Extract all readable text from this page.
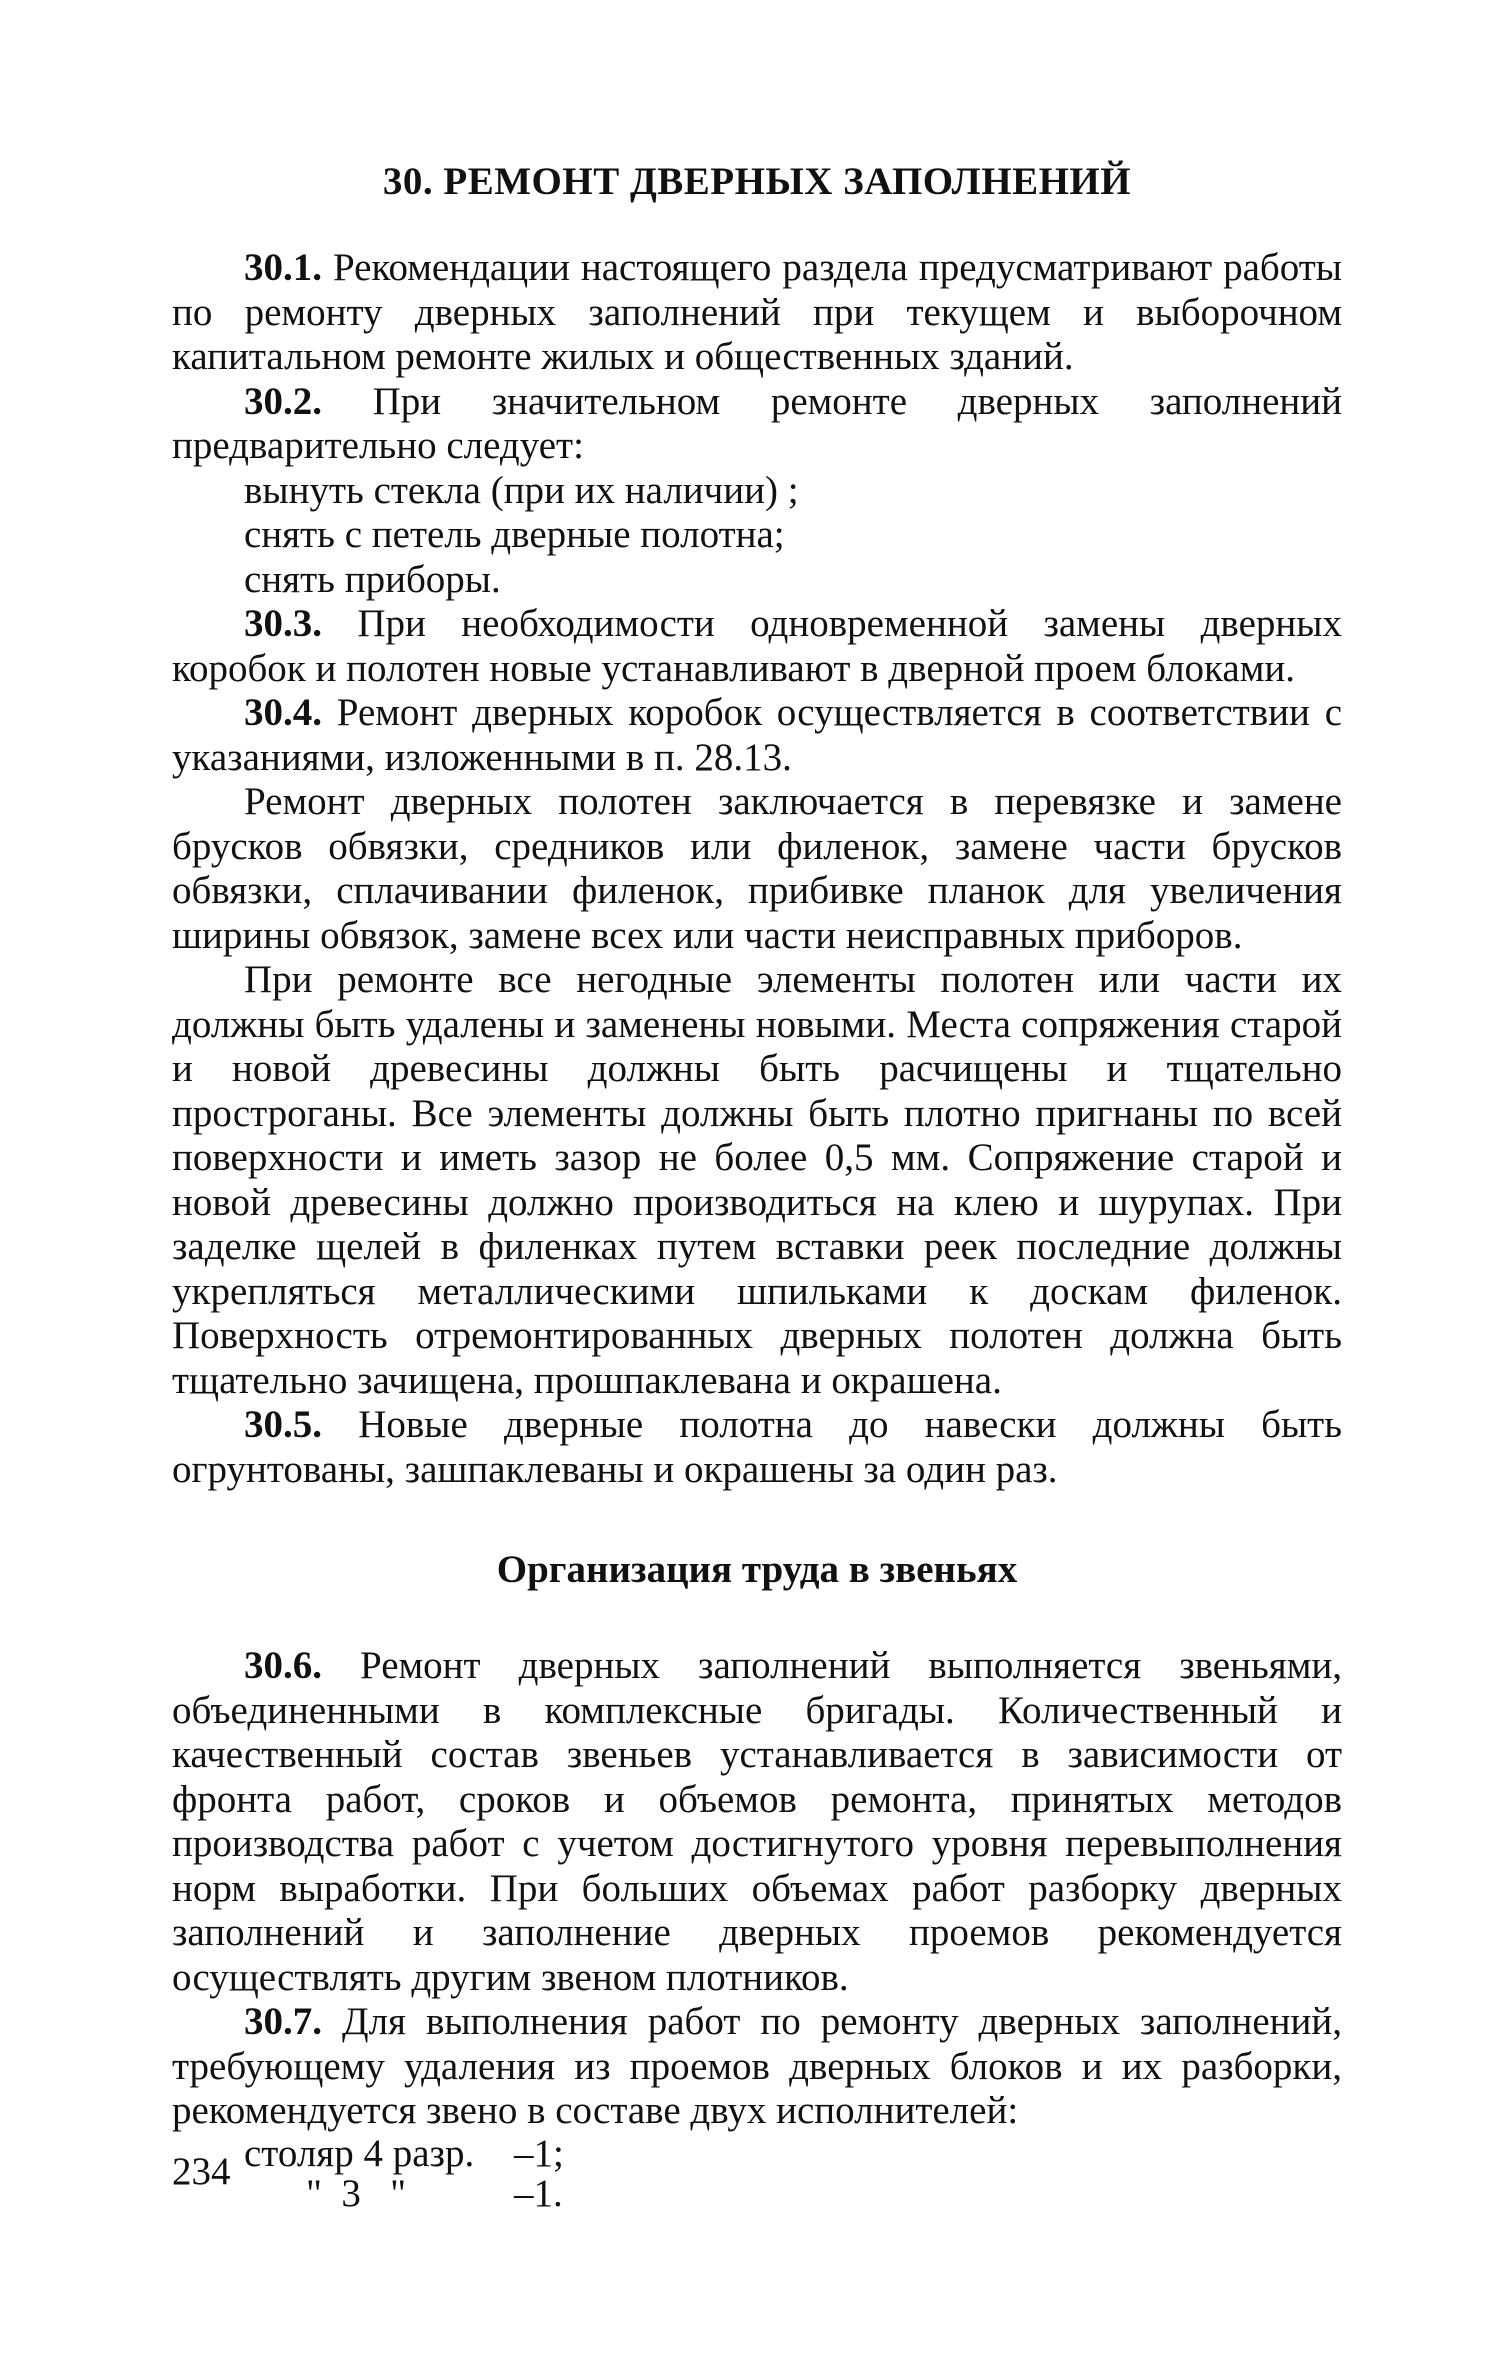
30. РЕМОНТ ДВЕРНЫХ ЗАПОЛНЕНИЙ

30.1. Рекомендации настоящего раздела предусматривают работы по ремонту дверных заполнений при текущем и выборочном капитальном ремонте жилых и общественных зданий.

30.2. При значительном ремонте дверных заполнений предварительно следует:

вынуть стекла (при их наличии) ;
снять с петель дверные полотна;
снять приборы.

30.3. При необходимости одновременной замены дверных коробок и полотен новые устанавливают в дверной проем блоками.

30.4. Ремонт дверных коробок осуществляется в соответствии с указаниями, изложенными в п. 28.13.

Ремонт дверных полотен заключается в перевязке и замене брусков обвязки, средников или филенок, замене части брусков обвязки, сплачивании филенок, прибивке планок для увеличения ширины обвязок, замене всех или части неисправных приборов.

При ремонте все негодные элементы полотен или части их должны быть удалены и заменены новыми. Места сопряжения старой и новой древесины должны быть расчищены и тщательно простроганы. Все элементы должны быть плотно пригнаны по всей поверхности и иметь зазор не более 0,5 мм. Сопряжение старой и новой древесины должно производиться на клею и шурупах. При заделке щелей в филенках путем вставки реек последние должны укрепляться металлическими шпильками к доскам филенок. Поверхность отремонтированных дверных полотен должна быть тщательно зачищена, прошпаклевана и окрашена.

30.5. Новые дверные полотна до навески должны быть огрунтованы, зашпаклеваны и окрашены за один раз.

Организация труда в звеньях

30.6. Ремонт дверных заполнений выполняется звеньями, объединенными в комплексные бригады. Количественный и качественный состав звеньев устанавливается в зависимости от фронта работ, сроков и объемов ремонта, принятых методов производства работ с учетом достигнутого уровня перевыполнения норм выработки. При больших объемах работ разборку дверных заполнений и заполнение дверных проемов рекомендуется осуществлять другим звеном плотников.

30.7. Для выполнения работ по ремонту дверных заполнений, требующему удаления из проемов дверных блоков и их разборки, рекомендуется звено в составе двух исполнителей:

столяр 4 разр.	–1;
"  3   "	–1.
234
